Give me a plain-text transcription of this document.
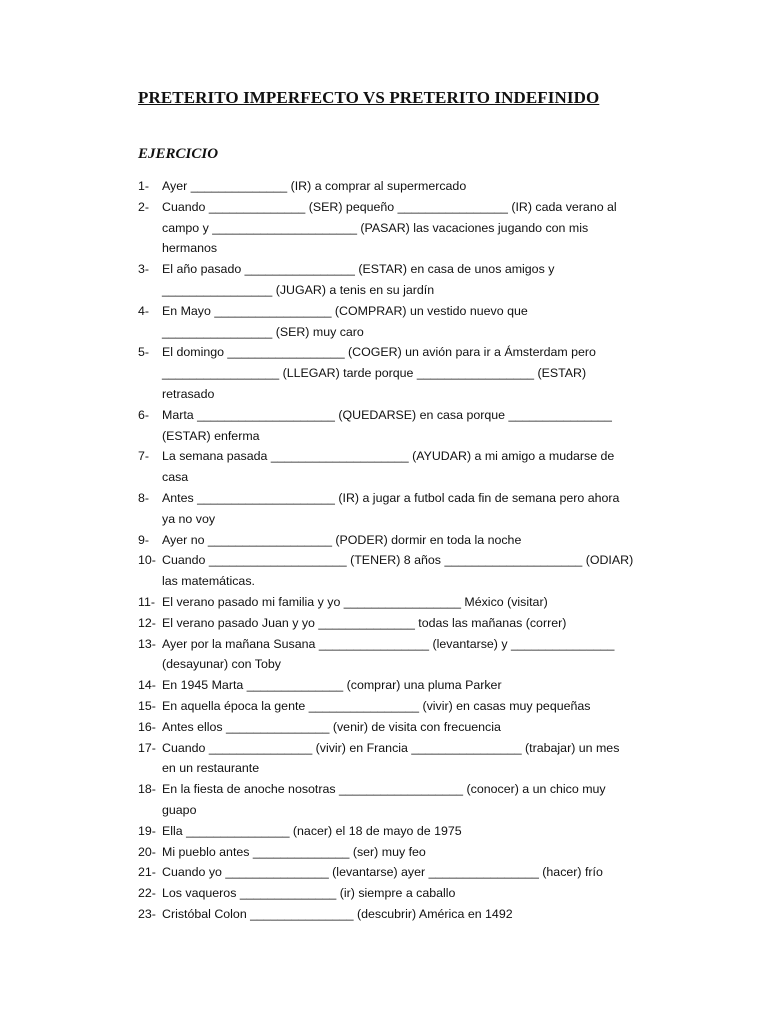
PRETERITO IMPERFECTO VS PRETERITO INDEFINIDO
EJERCICIO
1-	Ayer ______________ (IR) a comprar al supermercado
2-	Cuando ______________ (SER) pequeño ________________ (IR) cada verano al
campo y _____________________ (PASAR) las vacaciones jugando con mis
hermanos
3-	El año pasado ________________ (ESTAR) en casa de unos amigos y
________________ (JUGAR) a tenis en su jardín
4-	En Mayo _________________ (COMPRAR) un vestido nuevo que
________________ (SER) muy caro
5-	El domingo _________________ (COGER) un avión para ir a Ámsterdam pero
_________________ (LLEGAR) tarde porque _________________ (ESTAR)
retrasado
6-	Marta ____________________ (QUEDARSE) en casa porque _______________
(ESTAR) enferma
7-	La semana pasada ____________________ (AYUDAR) a mi amigo a mudarse de
casa
8-	Antes ____________________ (IR) a jugar a futbol cada fin de semana pero ahora
ya no voy
9-	Ayer no __________________ (PODER) dormir en toda la noche
10- Cuando ____________________ (TENER) 8 años ____________________ (ODIAR)
las matemáticas.
11- El verano pasado mi familia y yo _________________ México (visitar)
12- El verano pasado Juan y yo ______________ todas las mañanas (correr)
13- Ayer por la mañana Susana ________________ (levantarse) y _______________
(desayunar) con Toby
14- En 1945 Marta ______________ (comprar) una pluma Parker
15- En aquella época la gente ________________ (vivir) en casas muy pequeñas
16- Antes ellos _______________ (venir) de visita con frecuencia
17- Cuando _______________ (vivir) en Francia ________________ (trabajar) un mes
en un restaurante
18- En la fiesta de anoche nosotras __________________ (conocer) a un chico muy
guapo
19- Ella _______________ (nacer) el 18 de mayo de 1975
20- Mi pueblo antes ______________ (ser) muy feo
21- Cuando yo _______________ (levantarse) ayer ________________ (hacer) frío
22- Los vaqueros ______________ (ir) siempre a caballo
23- Cristóbal Colon _______________ (descubrir) América en 1492
